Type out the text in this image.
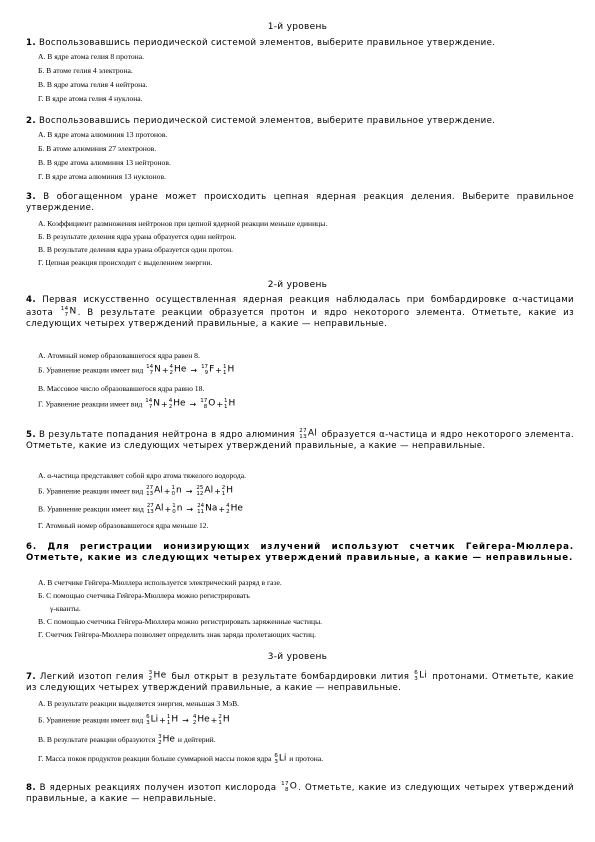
1-й уровень
1. Воспользовавшись периодической системой элементов, выберите правильное утверждение.
А. В ядре атома гелия 8 протона.
Б. В атоме гелия 4 электрона.
В. В ядре атома гелия 4 нейтрона.
Г. В ядре атома гелия 4 нуклона.
2. Воспользовавшись периодической системой элементов, выберите правильное утверждение.
А. В ядре атома алюминия 13 протонов.
Б. В атоме алюминия 27 электронов.
В. В ядре атома алюминия 13 нейтронов.
Г. В ядре атома алюминия 13 нуклонов.
3. В обогащенном уране может происходить цепная ядерная реакция деления. Выберите правильное утверждение.
А. Коэффициент размножения нейтронов при цепной ядерной реакции меньше единицы.
Б. В результате деления ядра урана образуется один нейтрон.
В. В результате деления ядра урана образуется один протон.
Г. Цепная реакция происходит с выделением энергии.
2-й уровень
4. Первая искусственно осуществленная ядерная реакция наблюдалась при бомбардировке α-частицами азота 14
7 N. В результате реакции образуется протон и ядро некоторого элемента. Отметьте, какие из следующих четырех утверждений правильные, а какие — неправильные.
А. Атомный номер образовавшегося ядра равен 8.
Б. Уравнение реакции имеет вид 14
7 N+ 4
2 He → 17
9 F+ 1
1 H
В. Массовое число образовавшегося ядра равно 18.
Г. Уравнение реакции имеет вид 14
7 N+ 4
2 He → 17
8 O+ 1
1 H
5. В результате попадания нейтрона в ядро алюминия 27
13 Al образуется α-частица и ядро некоторого элемента. Отметьте, какие из следующих четырех утверждений правильные, а какие — неправильные.
А. α-частица представляет собой ядро атома тяжелого водорода.
Б. Уравнение реакции имеет вид 27
13 Al+ 1
0 n → 25
12 Al+ 2
1 H
В. Уравнение реакции имеет вид 27
13 Al+ 1
0 n → 24
11 Na+ 4
2 He
Г. Атомный номер образовавшегося ядра меньше 12.
6. Для регистрации ионизирующих излучений используют счетчик Гейгера-Мюллера. Отметьте, какие из следующих четырех утверждений правильные, а какие — неправильные.
А. В счетчике Гейгера-Мюллера используется электрический разряд в газе.
Б. С помощью счетчика Гейгера-Мюллера можно регистрировать
γ-кванты.
В. С помощью счетчика Гейгера-Мюллера можно регистрировать заряженные частицы.
Г. Счетчик Гейгера-Мюллера позволяет определить знак заряда пролетающих частиц.
3-й уровень
7. Легкий изотоп гелия 3
2 He был открыт в результате бомбардировки лития 6
3 Li протонами. Отметьте, какие из следующих четырех утверждений правильные, а какие — неправильные.
А. В результате реакции выделяется энергия, меньшая 3 МэВ.
Б. Уравнение реакции имеет вид 6
3 Li+ 1
1 H → 4
2 He+ 2
1 H
В. В результате реакции образуются 3
2 He и дейтерий.
Г. Масса покоя продуктов реакции больше суммарной массы покоя ядра 6
3 Li и протона.
8. В ядерных реакциях получен изотоп кислорода 17
8 O. Отметьте, какие из следующих четырех утверждений правильные, а какие — неправильные.
